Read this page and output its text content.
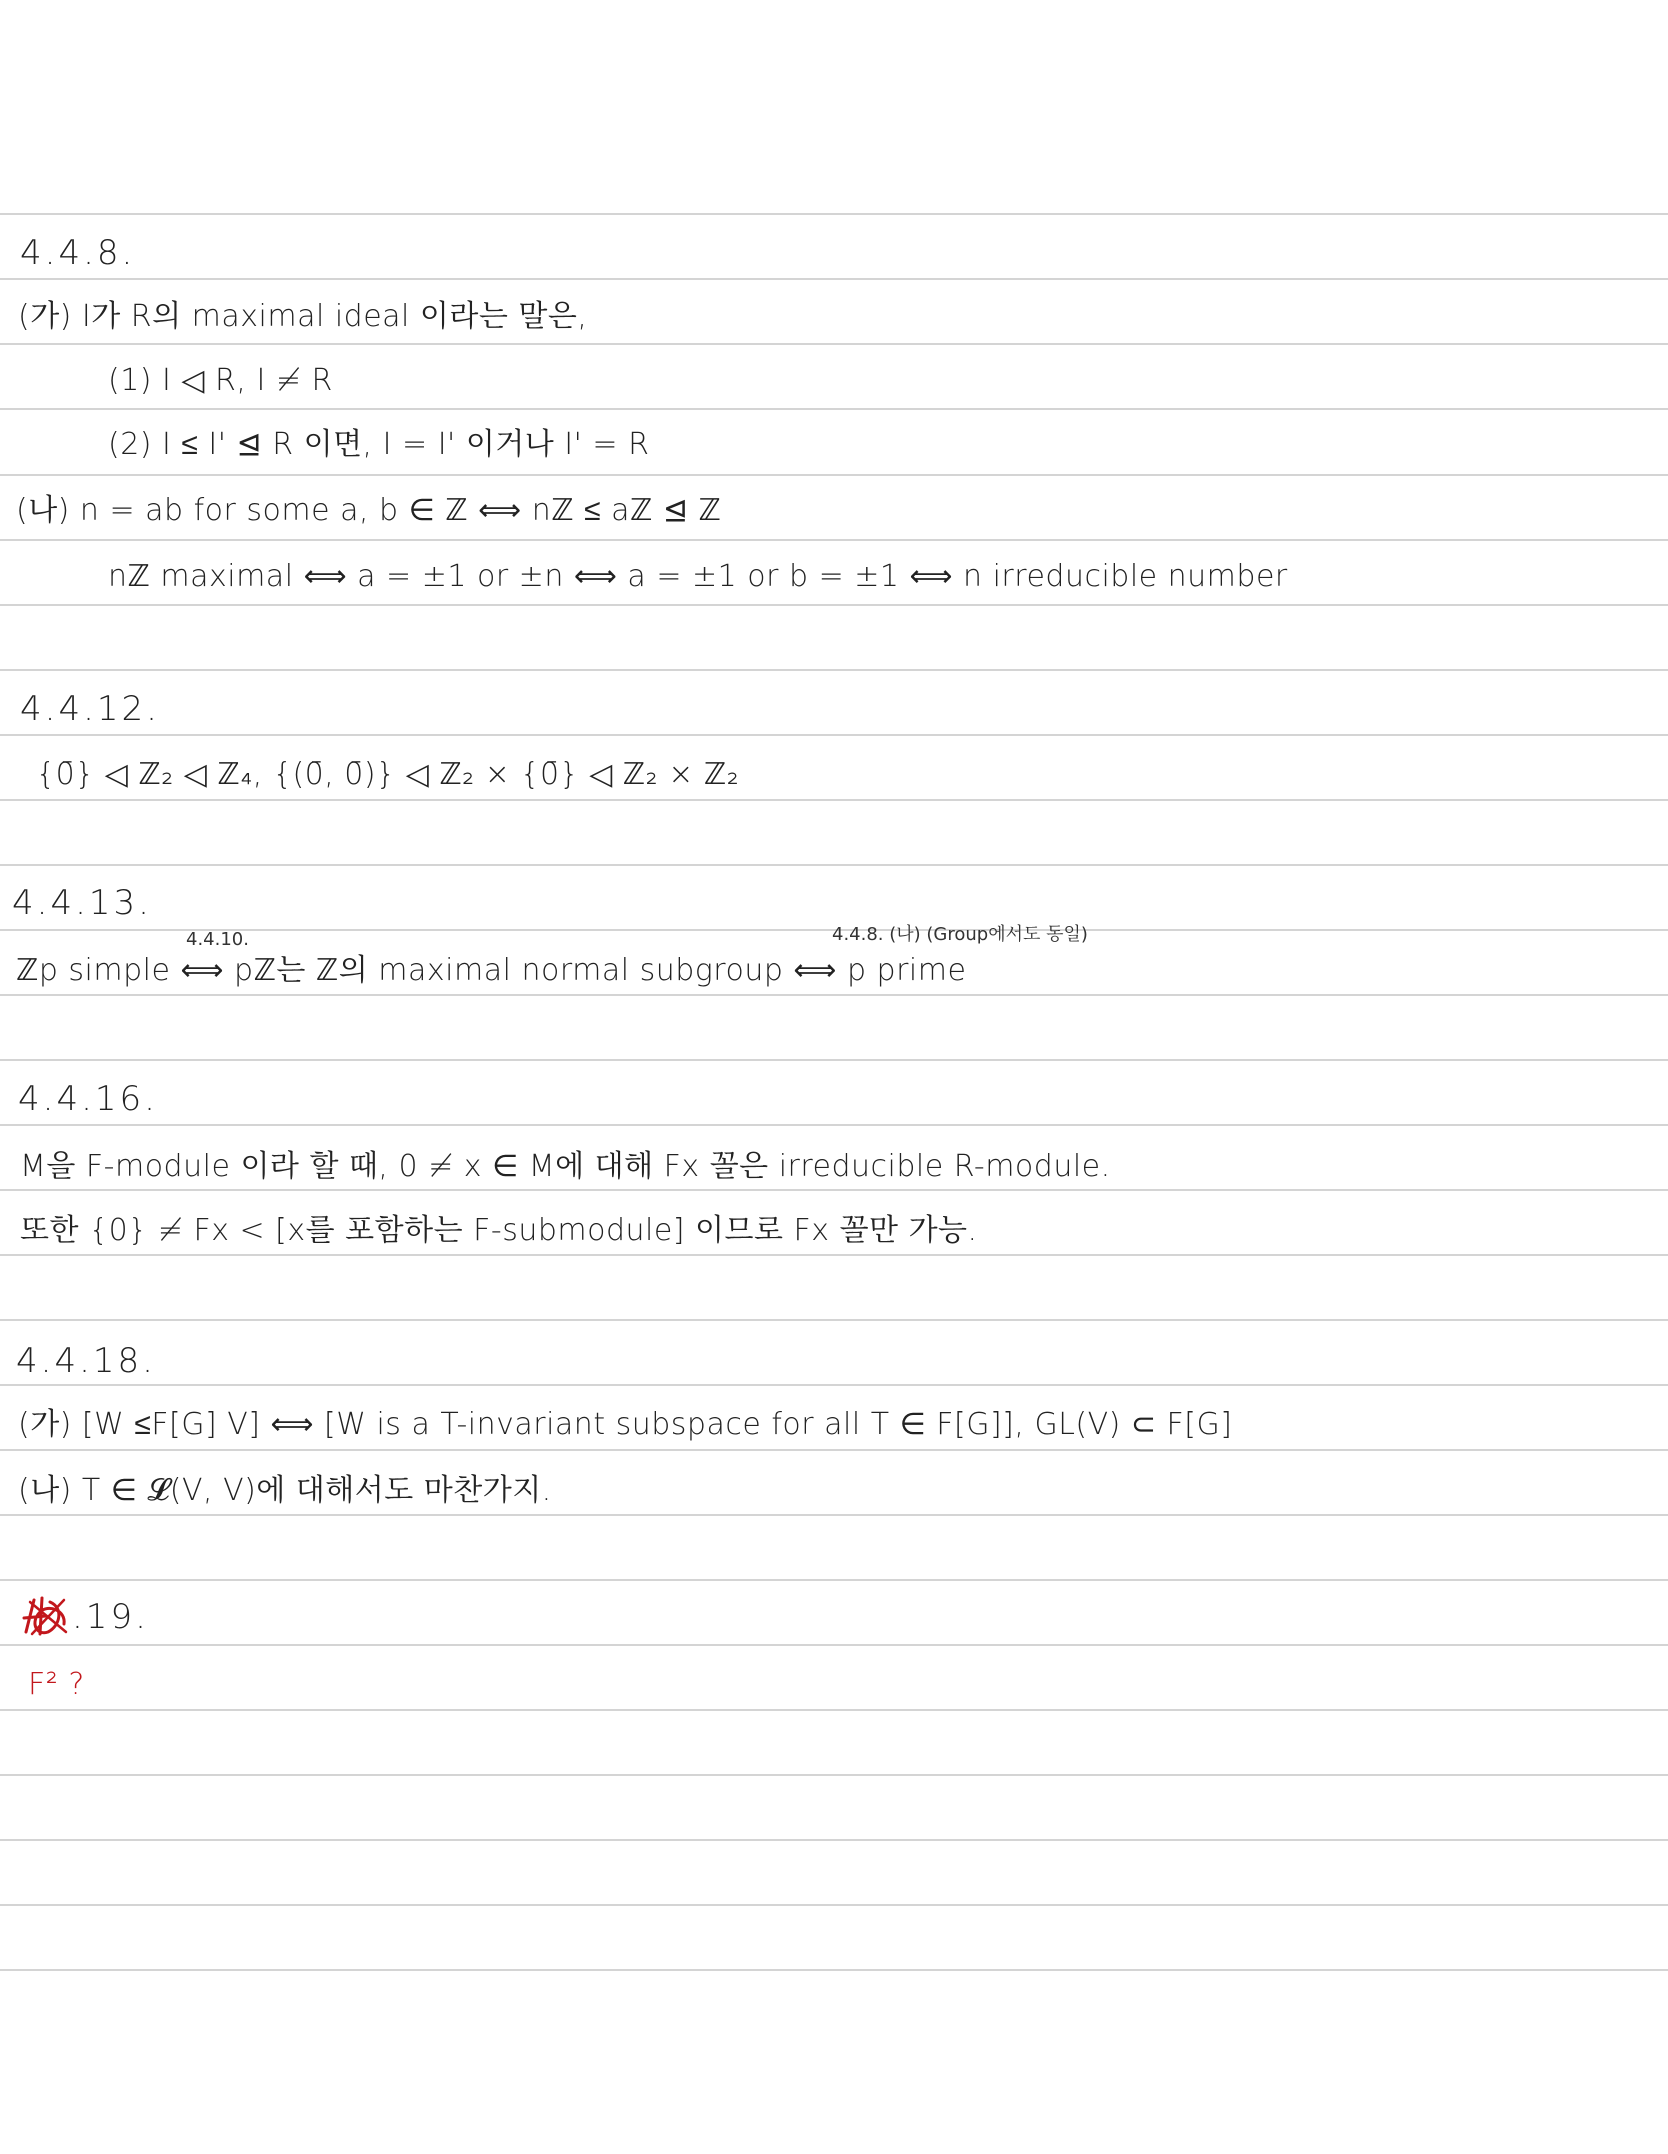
4.4.8.
(가) I가 R의 maximal ideal 이라는 말은,
(1) I ◁ R, I ≠ R
(2) I ≤ I' ⊴ R 이면, I = I' 이거나 I' = R
(나) n = ab for some a, b ∈ ℤ ⟺ nℤ ≤ aℤ ⊴ ℤ
nℤ maximal ⟺ a = ±1 or ±n ⟺ a = ±1 or b = ±1 ⟺ n irreducible number
4.4.12.
{0̄} ◁ ℤ₂ ◁ ℤ₄, {(0̄, 0̄)} ◁ ℤ₂ × {0̄} ◁ ℤ₂ × ℤ₂
4.4.13.
4.4.10.	4.4.8. (나) (Group에서도 동일)
ℤp simple ⟺ pℤ는 ℤ의 maximal normal subgroup ⟺ p prime
4.4.16.
M을 F-module 이라 할 때, 0 ≠ x ∈ M에 대해 Fx 꼴은 irreducible R-module.
또한 {0} ≠ Fx < [x를 포함하는 F-submodule] 이므로 Fx 꼴만 가능.
4.4.18.
(가) [W ≤F[G] V] ⟺ [W is a T-invariant subspace for all T ∈ F[G]], GL(V) ⊂ F[G]
(나) T ∈ 𝓛(V, V)에 대해서도 마찬가지.
.19.
F² ?
